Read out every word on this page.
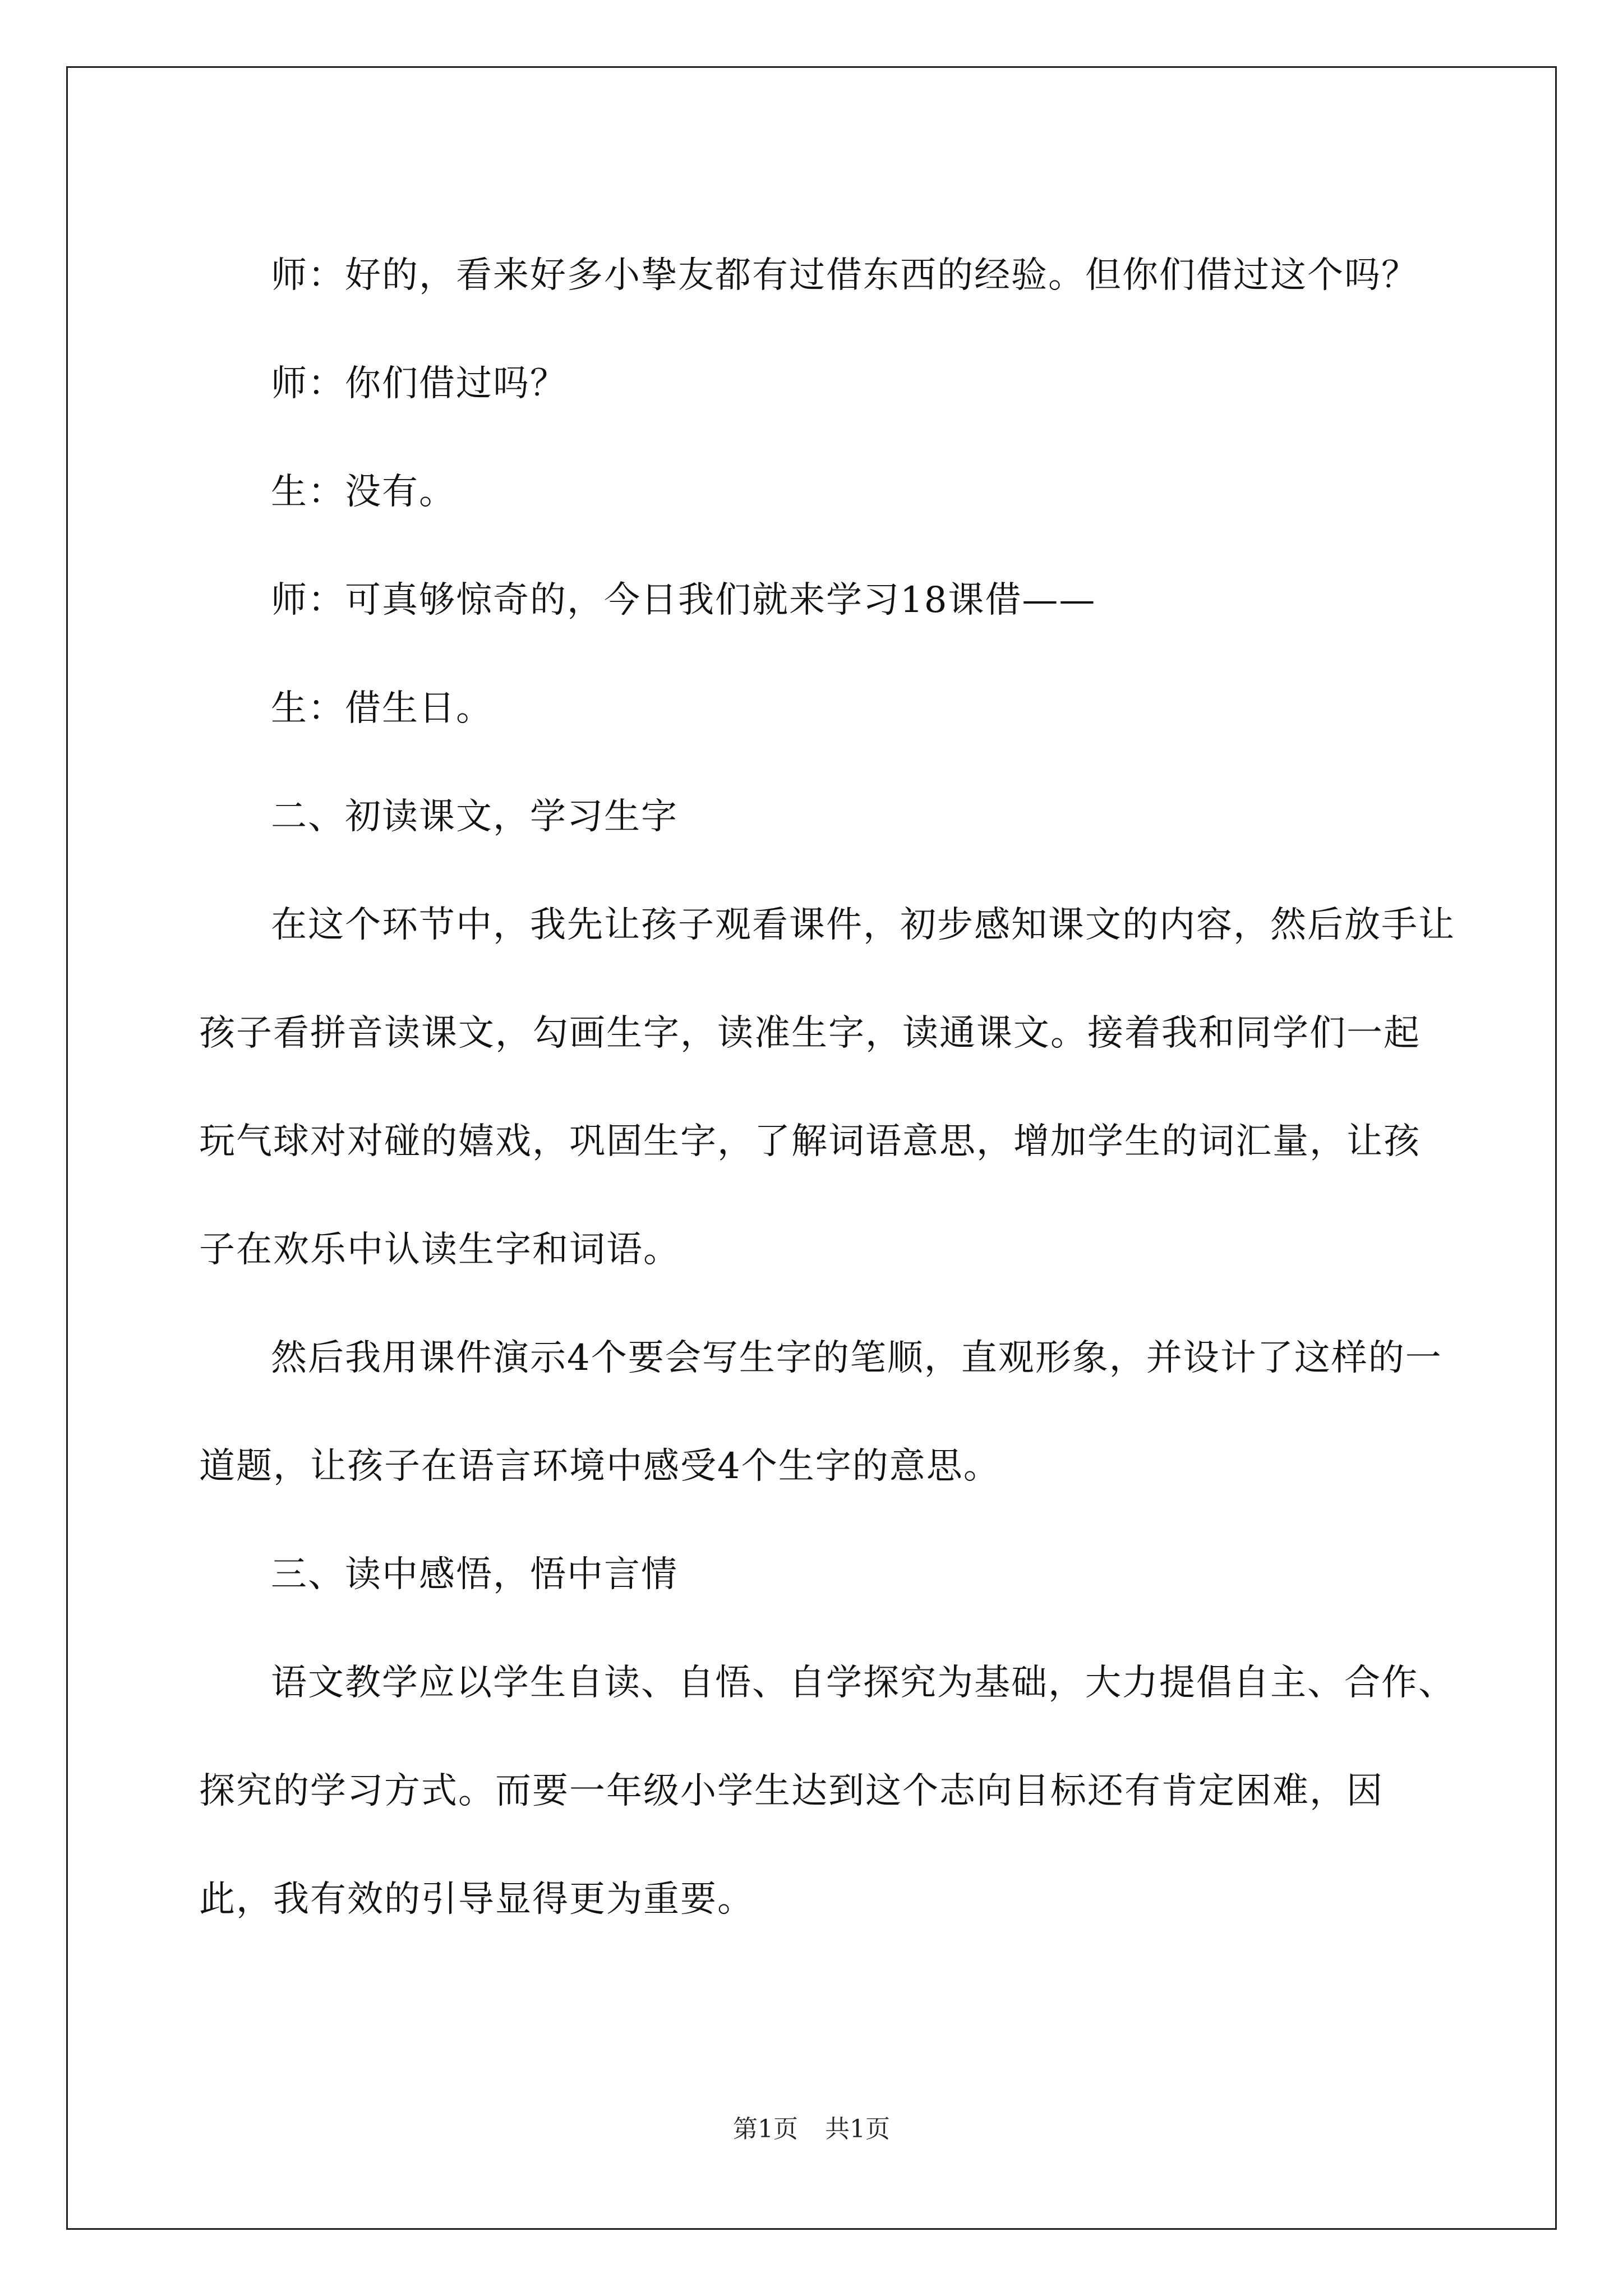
师：好的，看来好多小挚友都有过借东西的经验。但你们借过这个吗？

师：你们借过吗？

生：没有。

师：可真够惊奇的，今日我们就来学习18课借——

生：借生日。

二、初读课文，学习生字

在这个环节中，我先让孩子观看课件，初步感知课文的内容，然后放手让孩子看拼音读课文，勾画生字，读准生字，读通课文。接着我和同学们一起玩气球对对碰的嬉戏，巩固生字，了解词语意思，增加学生的词汇量，让孩子在欢乐中认读生字和词语。

然后我用课件演示4个要会写生字的笔顺，直观形象，并设计了这样的一道题，让孩子在语言环境中感受4个生字的意思。

三、读中感悟，悟中言情

语文教学应以学生自读、自悟、自学探究为基础，大力提倡自主、合作、探究的学习方式。而要一年级小学生达到这个志向目标还有肯定困难，因此，我有效的引导显得更为重要。

第1页 共1页
